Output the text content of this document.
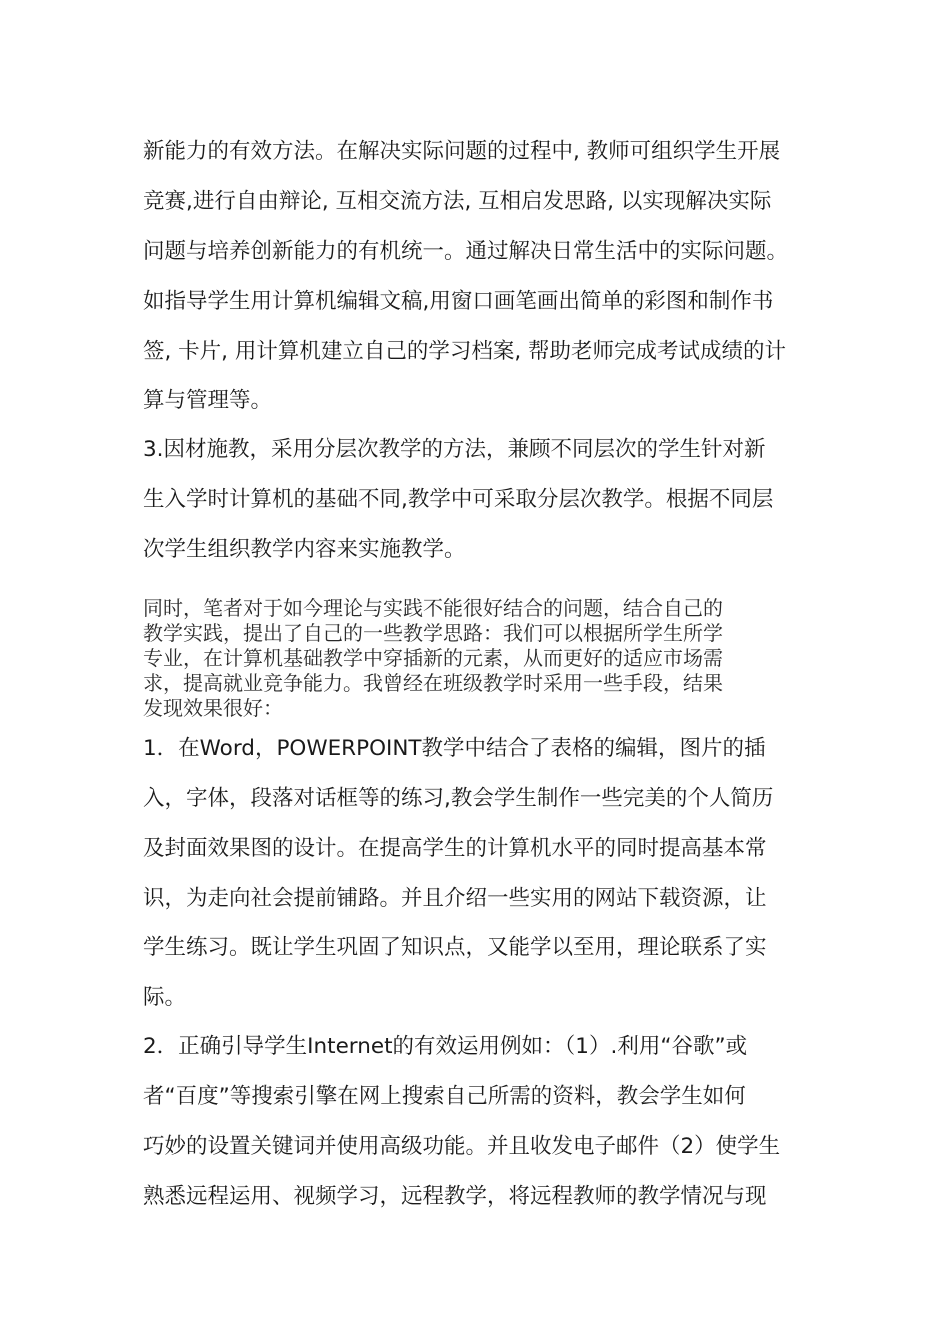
新能力的有效方法。在解决实际问题的过程中, 教师可组织学生开展
竞赛,进行自由辩论, 互相交流方法, 互相启发思路, 以实现解决实际
问题与培养创新能力的有机统一。通过解决日常生活中的实际问题。
如指导学生用计算机编辑文稿,用窗口画笔画出简单的彩图和制作书
签, 卡片, 用计算机建立自己的学习档案, 帮助老师完成考试成绩的计
算与管理等。
3.因材施教，采用分层次教学的方法，兼顾不同层次的学生针对新
生入学时计算机的基础不同,教学中可采取分层次教学。根据不同层
次学生组织教学内容来实施教学。
同时，笔者对于如今理论与实践不能很好结合的问题，结合自己的
教学实践，提出了自己的一些教学思路：我们可以根据所学生所学
专业，在计算机基础教学中穿插新的元素，从而更好的适应市场需
求，提高就业竞争能力。我曾经在班级教学时采用一些手段，结果
发现效果很好：
1．在Word，POWERPOINT教学中结合了表格的编辑，图片的插
入，字体，段落对话框等的练习,教会学生制作一些完美的个人简历
及封面效果图的设计。在提高学生的计算机水平的同时提高基本常
识，为走向社会提前铺路。并且介绍一些实用的网站下载资源，让
学生练习。既让学生巩固了知识点，又能学以至用，理论联系了实
际。
2．正确引导学生Internet的有效运用例如：（1）.利用“谷歌”或
者“百度”等搜索引擎在网上搜索自己所需的资料，教会学生如何
巧妙的设置关键词并使用高级功能。并且收发电子邮件（2）使学生
熟悉远程运用、视频学习，远程教学，将远程教师的教学情况与现
